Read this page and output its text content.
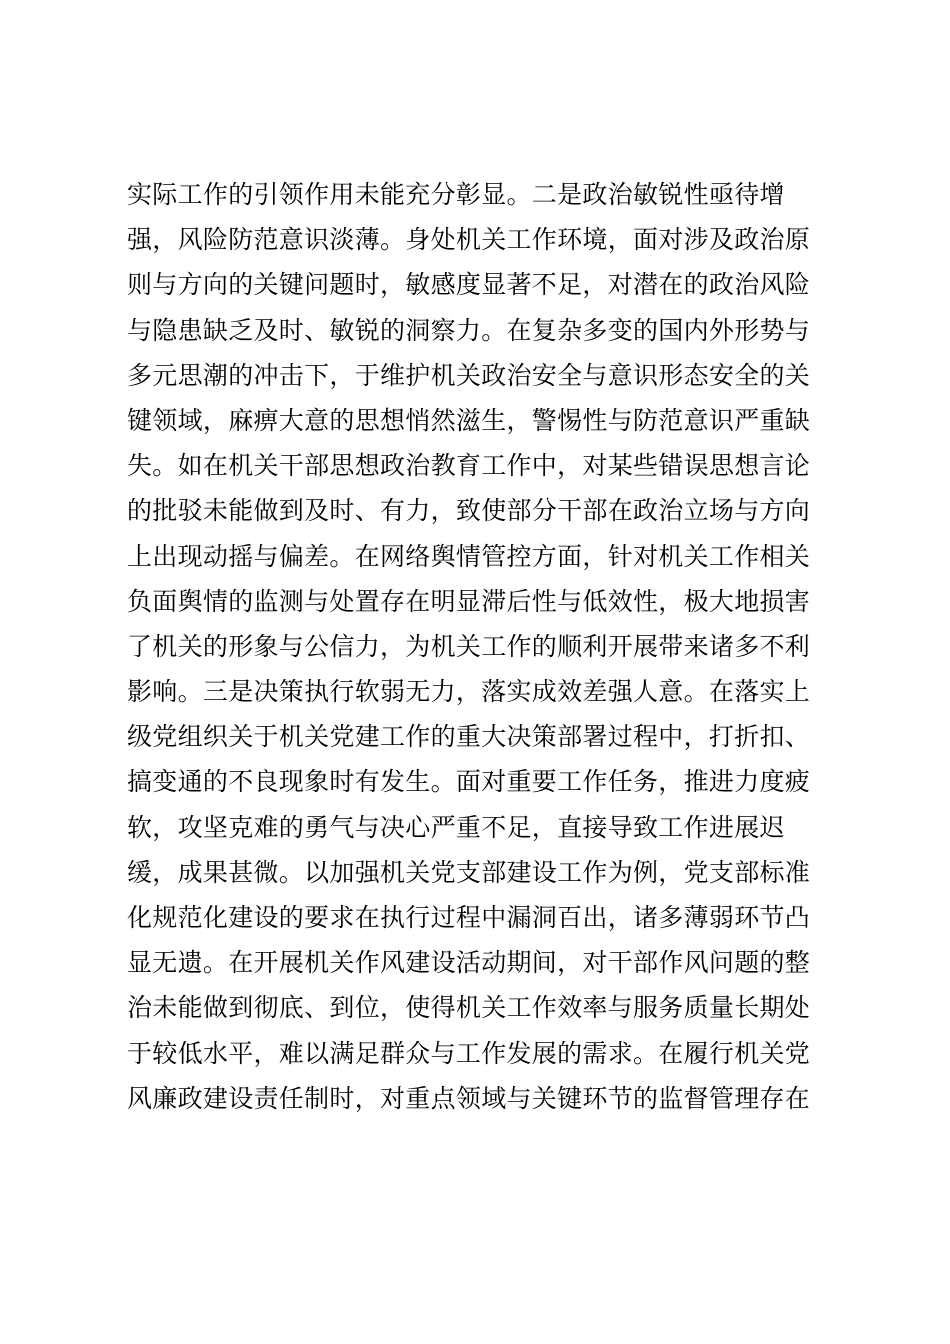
实际工作的引领作用未能充分彰显。二是政治敏锐性亟待增
强，风险防范意识淡薄。身处机关工作环境，面对涉及政治原
则与方向的关键问题时，敏感度显著不足，对潜在的政治风险
与隐患缺乏及时、敏锐的洞察力。在复杂多变的国内外形势与
多元思潮的冲击下，于维护机关政治安全与意识形态安全的关
键领域，麻痹大意的思想悄然滋生，警惕性与防范意识严重缺
失。如在机关干部思想政治教育工作中，对某些错误思想言论
的批驳未能做到及时、有力，致使部分干部在政治立场与方向
上出现动摇与偏差。在网络舆情管控方面，针对机关工作相关
负面舆情的监测与处置存在明显滞后性与低效性，极大地损害
了机关的形象与公信力，为机关工作的顺利开展带来诸多不利
影响。三是决策执行软弱无力，落实成效差强人意。在落实上
级党组织关于机关党建工作的重大决策部署过程中，打折扣、
搞变通的不良现象时有发生。面对重要工作任务，推进力度疲
软，攻坚克难的勇气与决心严重不足，直接导致工作进展迟
缓，成果甚微。以加强机关党支部建设工作为例，党支部标准
化规范化建设的要求在执行过程中漏洞百出，诸多薄弱环节凸
显无遗。在开展机关作风建设活动期间，对干部作风问题的整
治未能做到彻底、到位，使得机关工作效率与服务质量长期处
于较低水平，难以满足群众与工作发展的需求。在履行机关党
风廉政建设责任制时，对重点领域与关键环节的监督管理存在
